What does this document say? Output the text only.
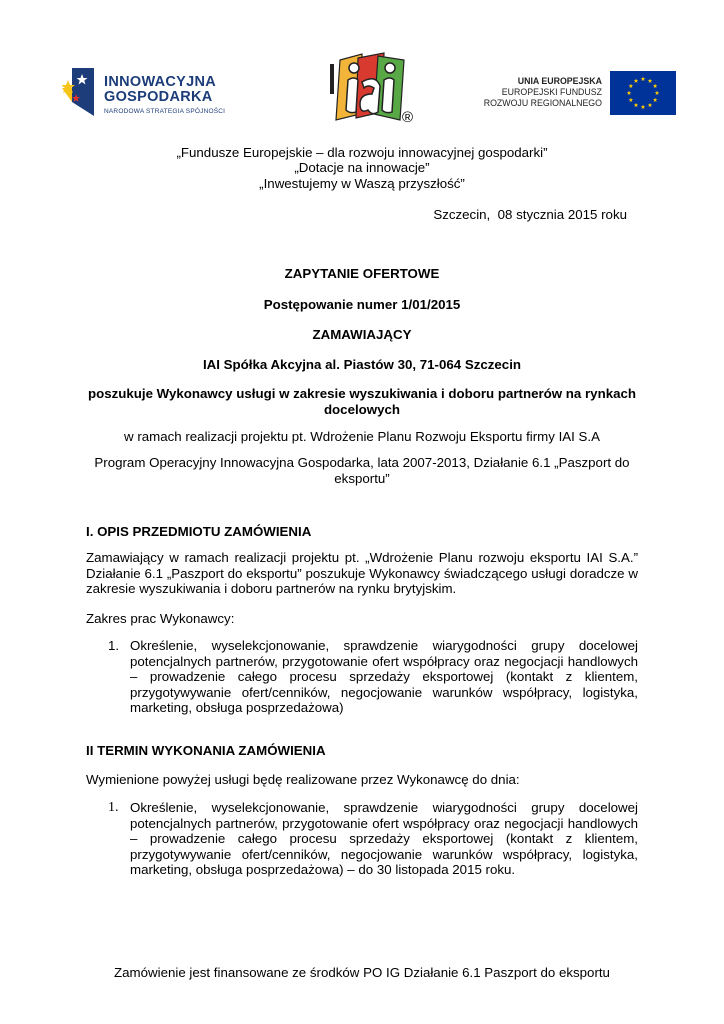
INNOWACYJNA
GOSPODARKA
NARODOWA STRATEGIA SPÓJNOŚCI	®
UNIA EUROPEJSKA
EUROPEJSKI FUNDUSZ
ROZWOJU REGIONALNEGO
„Fundusze Europejskie – dla rozwoju innowacyjnej gospodarki”
„Dotacje na innowacje”
„Inwestujemy w Waszą przyszłość”
Szczecin,  08 stycznia 2015 roku
ZAPYTANIE OFERTOWE
Postępowanie numer 1/01/2015
ZAMAWIAJĄCY
IAI Spółka Akcyjna al. Piastów 30, 71-064 Szczecin
poszukuje Wykonawcy usługi w zakresie wyszukiwania i doboru partnerów na rynkach docelowych
w ramach realizacji projektu pt. Wdrożenie Planu Rozwoju Eksportu firmy IAI S.A
Program Operacyjny Innowacyjna Gospodarka, lata 2007-2013, Działanie 6.1 „Paszport do eksportu”
I. OPIS PRZEDMIOTU ZAMÓWIENIA
Zamawiający w ramach realizacji projektu pt. „Wdrożenie Planu rozwoju eksportu IAI S.A.” Działanie 6.1 „Paszport do eksportu” poszukuje Wykonawcy świadczącego usługi doradcze w zakresie wyszukiwania i doboru partnerów na rynku brytyjskim.
Zakres prac Wykonawcy:
1. Określenie, wyselekcjonowanie, sprawdzenie wiarygodności grupy docelowej potencjalnych partnerów, przygotowanie ofert współpracy oraz negocjacji handlowych – prowadzenie całego procesu sprzedaży eksportowej (kontakt z klientem, przygotywywanie ofert/cenników, negocjowanie warunków współpracy, logistyka, marketing, obsługa posprzedażowa)
II TERMIN WYKONANIA ZAMÓWIENIA
Wymienione powyżej usługi będę realizowane przez Wykonawcę do dnia:
1. Określenie, wyselekcjonowanie, sprawdzenie wiarygodności grupy docelowej potencjalnych partnerów, przygotowanie ofert współpracy oraz negocjacji handlowych – prowadzenie całego procesu sprzedaży eksportowej (kontakt z klientem, przygotywywanie ofert/cenników, negocjowanie warunków współpracy, logistyka, marketing, obsługa posprzedażowa) – do 30 listopada 2015 roku.
Zamówienie jest finansowane ze środków PO IG Działanie 6.1 Paszport do eksportu
